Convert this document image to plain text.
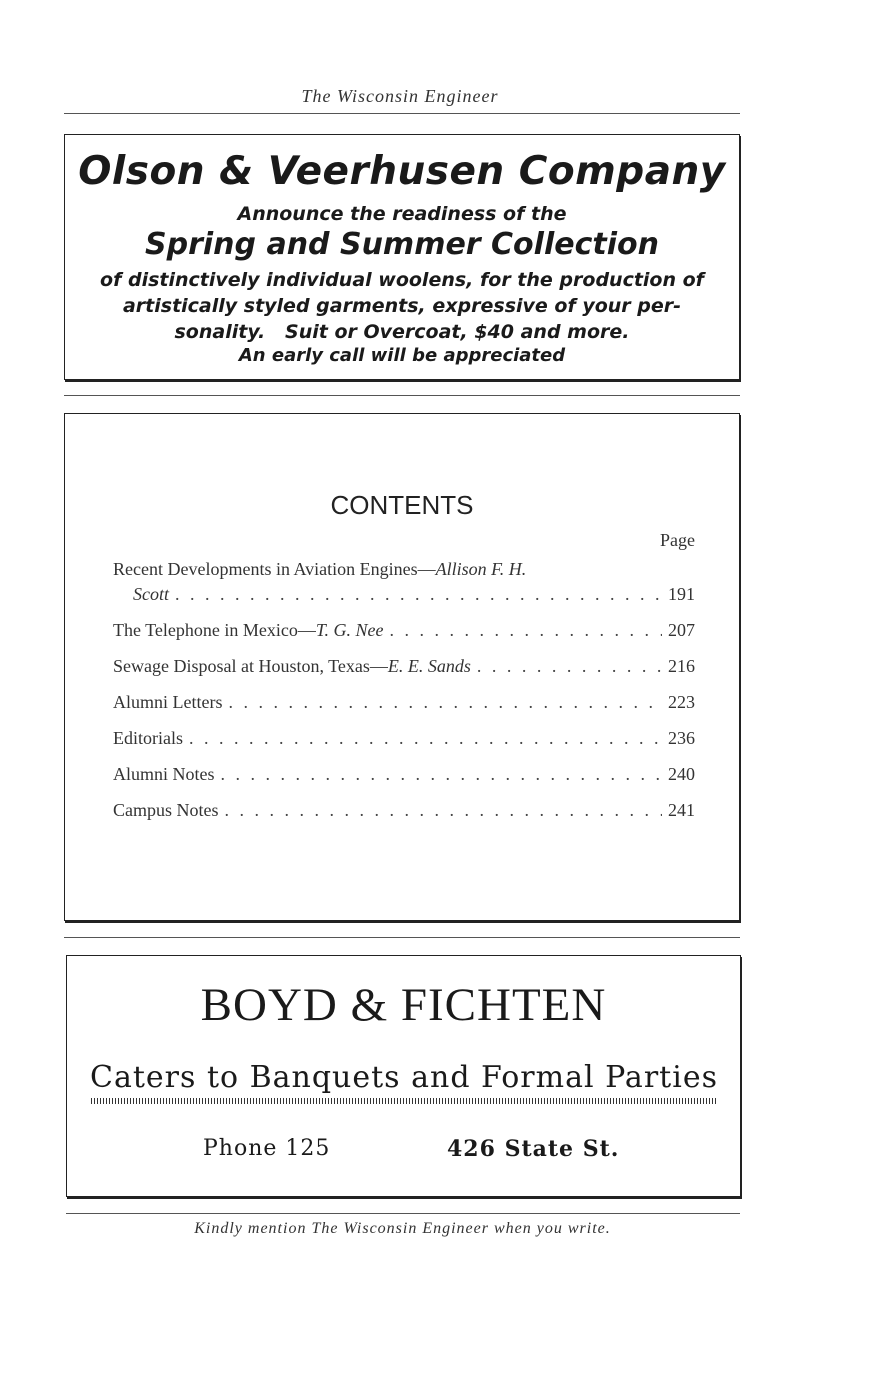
The Wisconsin Engineer
Olson & Veerhusen Company
Announce the readiness of the
Spring and Summer Collection
of distinctively individual woolens, for the production of
artistically styled garments, expressive of your per-
sonality.   Suit or Overcoat, $40 and more.
An early call will be appreciated
CONTENTS
Page
Recent Developments in Aviation Engines—Allison F. H.
Scott . . .	191
The Telephone in Mexico—T. G. Nee . . .	207
Sewage Disposal at Houston, Texas—E. E. Sands . . .	216
Alumni Letters . . .	223
Editorials . . .	236
Alumni Notes . . .	240
Campus Notes . . .	241
BOYD & FICHTEN
Caters to Banquets and Formal Parties
Phone 125	426 State St.
Kindly mention The Wisconsin Engineer when you write.
